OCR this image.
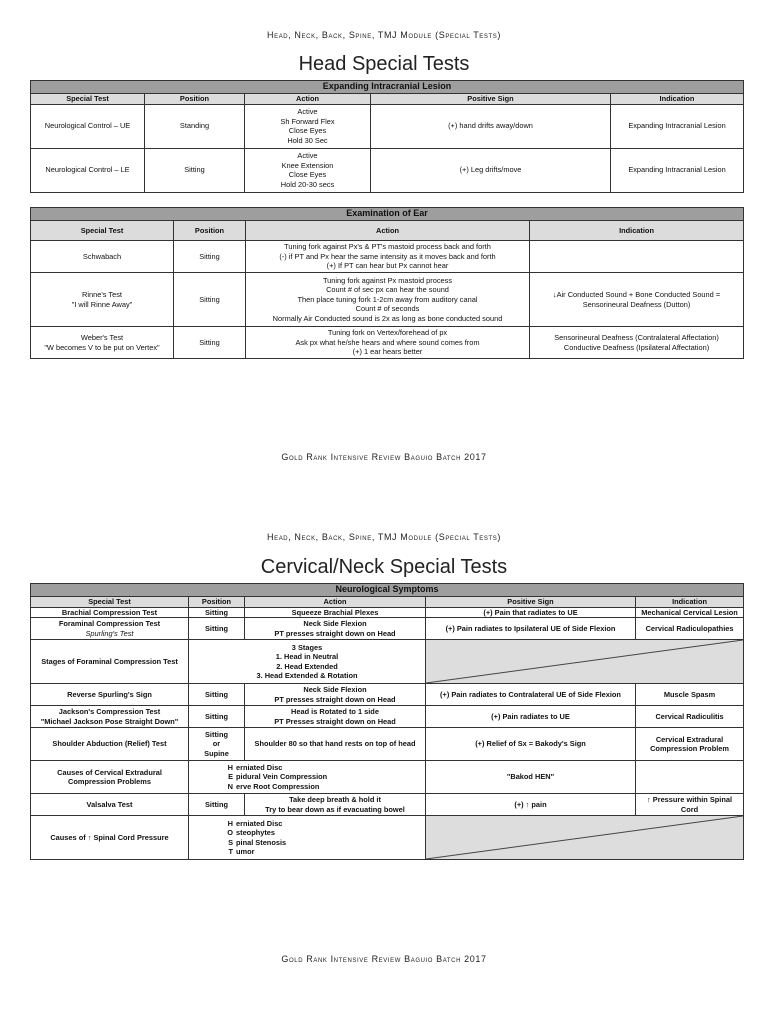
Head, Neck, Back, Spine, TMJ Module (Special Tests)
Head Special Tests
Expanding Intracranial Lesion				
Special Test	Position	Action	Positive Sign	Indication
Neurological Control – UE	Standing	Active
Sh Forward Flex
Close Eyes
Hold 30 Sec	(+) hand drifts away/down	Expanding Intracranial Lesion
Neurological Control – LE	Sitting	Active
Knee Extension
Close Eyes
Hold 20-30 secs	(+) Leg drifts/move	Expanding Intracranial Lesion
Examination of Ear			
Special Test	Position	Action		Indication
Schwabach	Sitting	Tuning fork against Px's & PT's mastoid process back and forth
(-) if PT and Px hear the same intensity as it moves back and forth
(+) If PT can hear but Px cannot hear	

Rinne's Test
"I will Rinne Away"	Sitting	Tuning fork against Px mastoid process
Count # of sec px can hear the sound
Then place tuning fork 1-2cm away from auditory canal
Count # of seconds
Normally Air Conducted sound is 2x as long as bone conducted sound	↓Air Conducted Sound + Bone Conducted Sound =
Sensorineural Deafness (Dutton)

Weber's Test
"W becomes V to be put on Vertex"	Sitting	Tuning fork on Vertex/forehead of px
Ask px what he/she hears and where sound comes from
(+) 1 ear hears better	Sensorineural Deafness (Contralateral Affectation)
Conductive Deafness (Ipsilateral Affectation)
Gold Rank Intensive Review Baguio Batch 2017
Head, Neck, Back, Spine, TMJ Module (Special Tests)
Cervical/Neck Special Tests
Neurological Symptoms				
Special Test	Position	Action	Positive Sign	Indication
Brachial Compression Test	Sitting	Squeeze Brachial Plexes	(+) Pain that radiates to UE	Mechanical Cervical Lesion

Foraminal Compression Test
Spurling's Test	Sitting	Neck Side Flexion
PT presses straight down on Head	(+) Pain radiates to Ipsilateral UE of Side Flexion	Cervical Radiculopathies
Stages of Foraminal Compression Test	3 Stages
1. Head in Neutral
2. Head Extended
3. Head Extended & Rotation

Reverse Spurling's Sign	Sitting	Neck Side Flexion
PT presses straight down on Head	(+) Pain radiates to Contralateral UE of Side Flexion	Muscle Spasm

Jackson's Compression Test
"Michael Jackson Pose Straight Down"	Sitting	Head is Rotated to 1 side
PT Presses straight down on Head	(+) Pain radiates to UE	Cervical Radiculitis
Shoulder Abduction (Relief) Test	Sitting
or
Supine	Shoulder 80 so that hand rests on top of head	(+) Relief of Sx = Bakody's Sign	Cervical Extradural
Compression Problem

Causes of Cervical Extradural
Compression Problems	H erniated Disc
E pidural Vein Compression
N erve Root Compression		"Bakod HEN"	
Valsalva Test	Sitting	Take deep breath & hold it
Try to bear down as if evacuating bowel	(+) ↑ pain	↑ Pressure within Spinal
Cord

Causes of ↑ Spinal Cord Pressure	H erniated Disc
O steophytes
S pinal Stenosis
T umor

Gold Rank Intensive Review Baguio Batch 2017
